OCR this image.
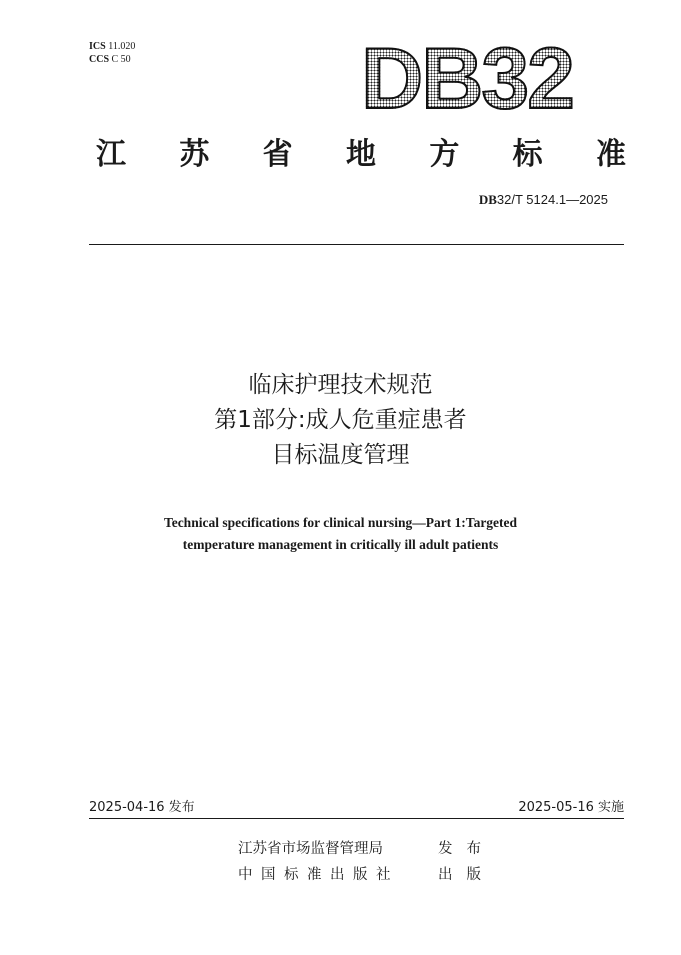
ICS 11.020
CCS C 50	DB32
江 苏 省 地 方 标 准
DB32/T 5124.1—2025
临床护理技术规范
第1部分:成人危重症患者
目标温度管理
Technical specifications for clinical nursing—Part 1:Targeted
temperature management in critically ill adult patients
2025-04-16 发布	2025-05-16 实施
江苏省市场监督管理局	发布
中国标准出版社	出版
